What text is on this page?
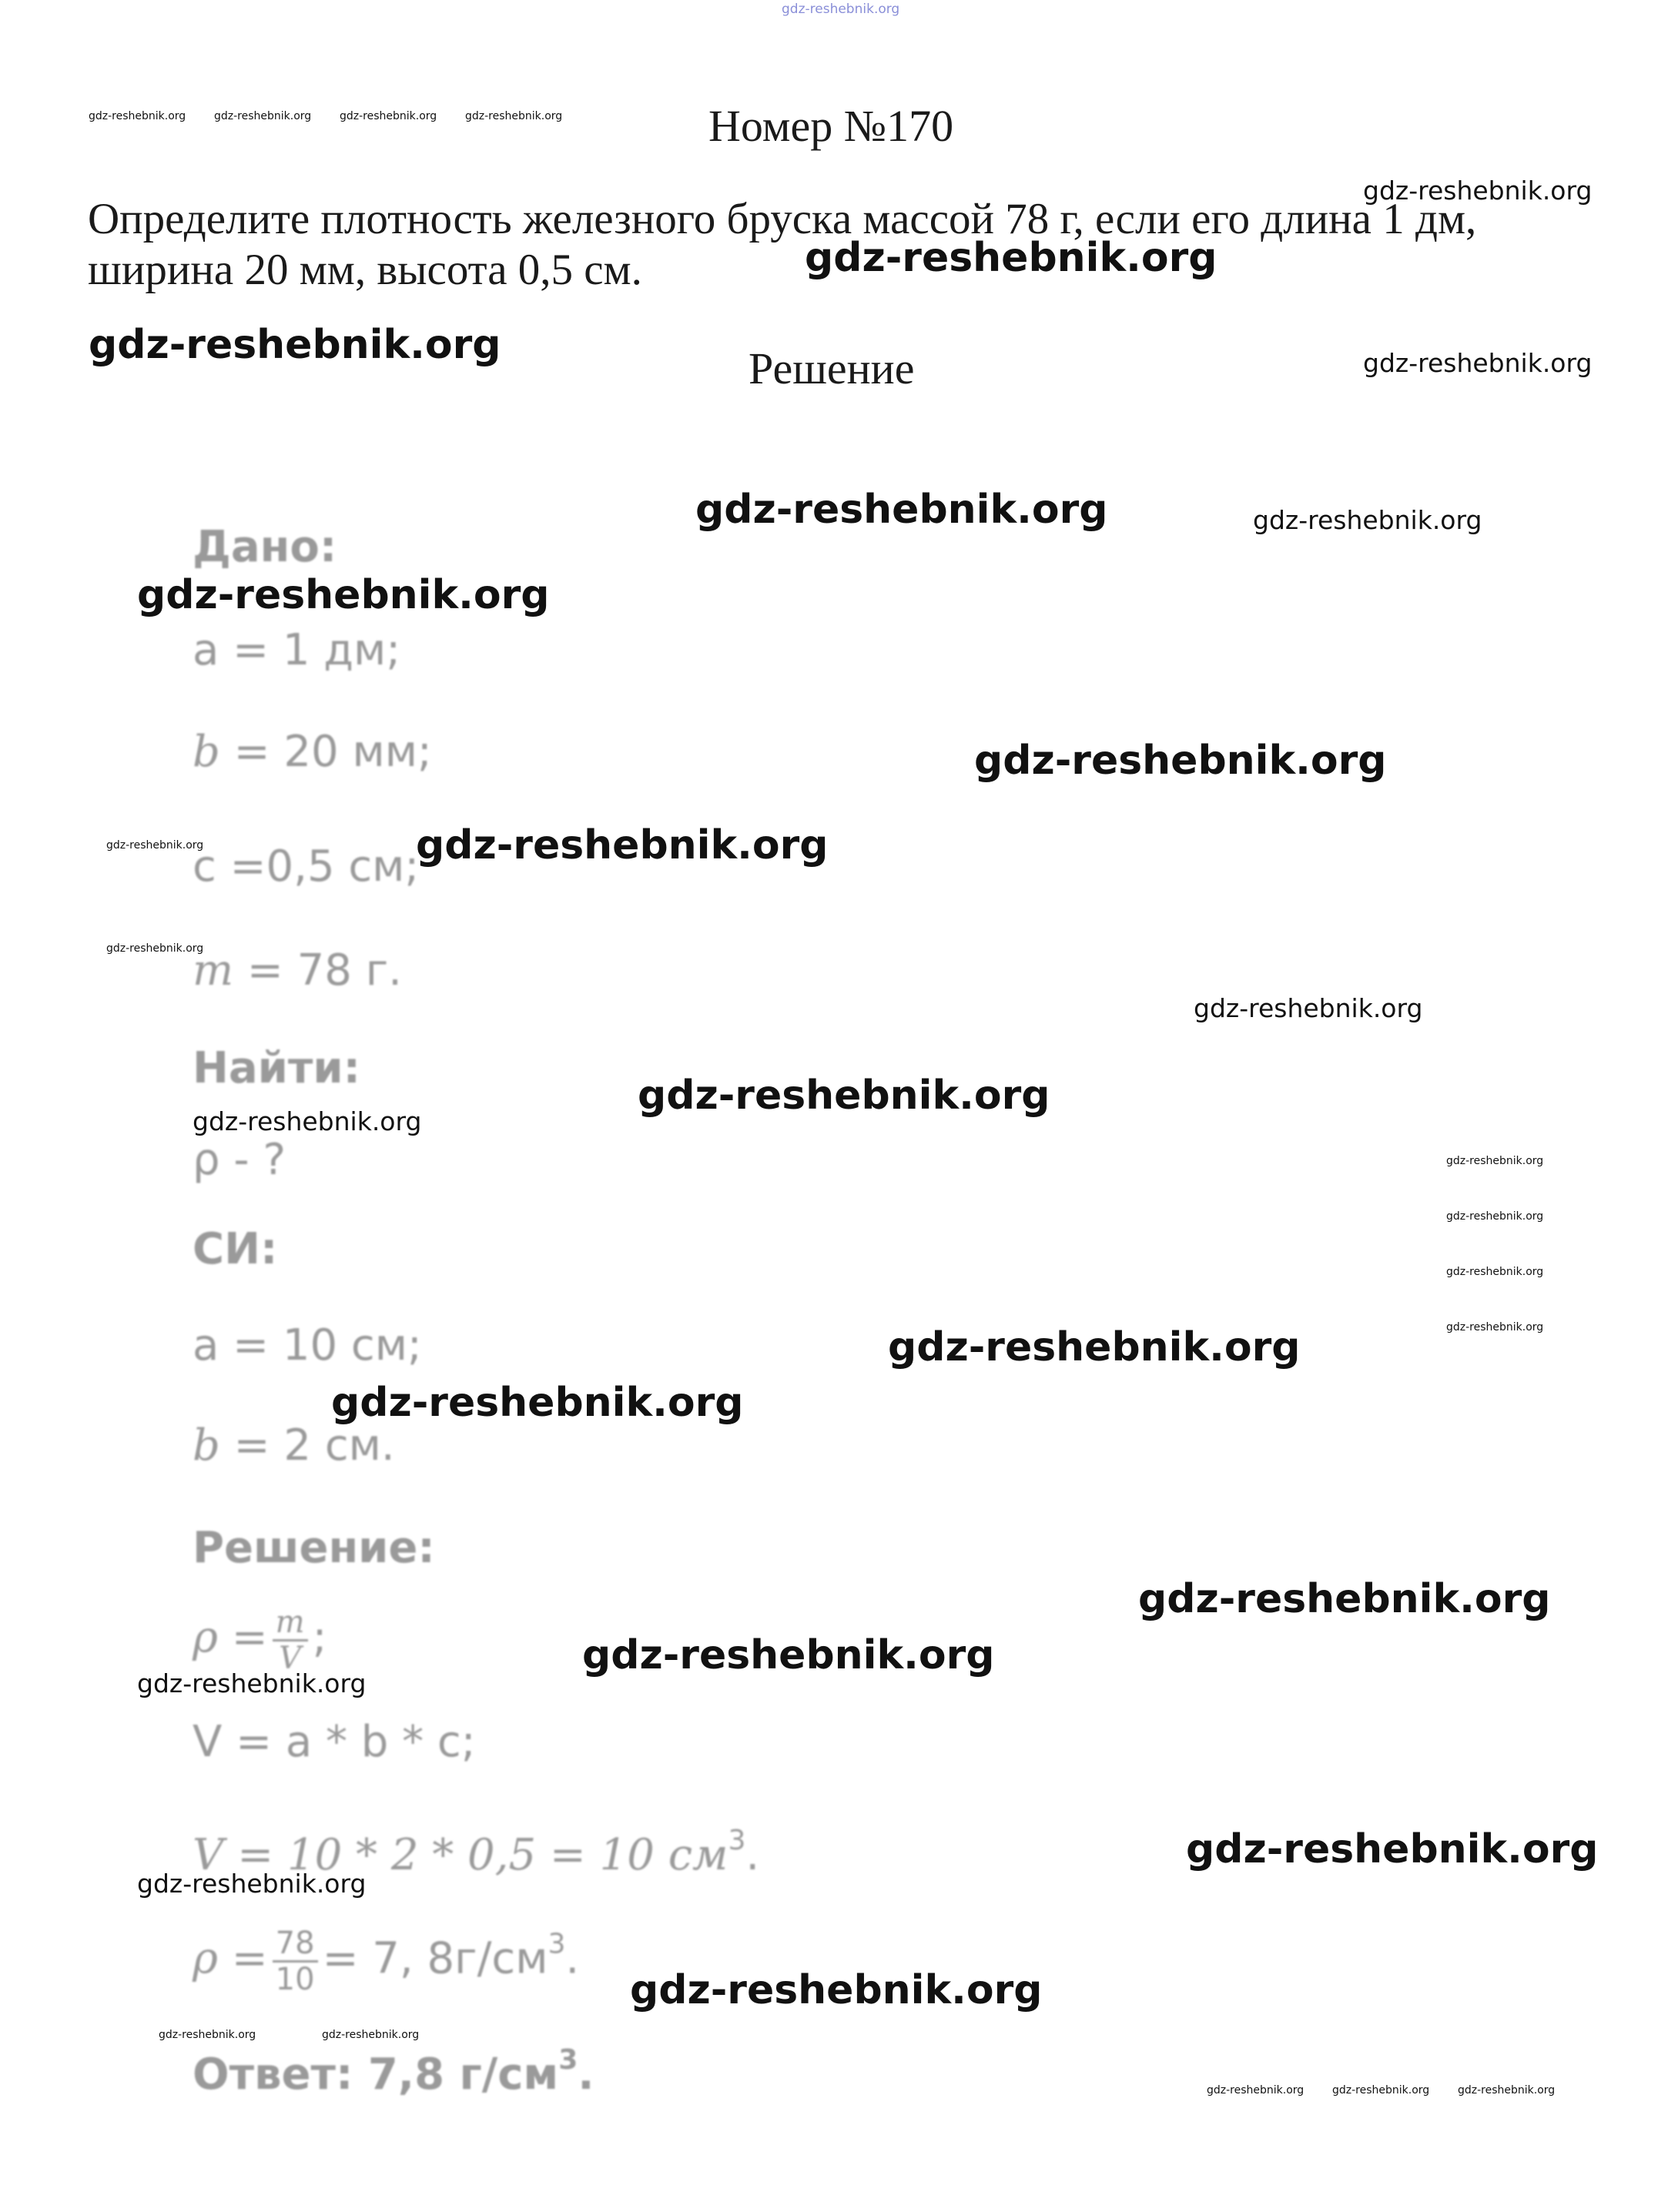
gdz-reshebnik.org
gdz-reshebnik.org	gdz-reshebnik.org	gdz-reshebnik.org	gdz-reshebnik.org	Номер №170
gdz-reshebnik.org
Определите плотность железного бруска массой 78 г, если его длина 1 дм, ширина 20 мм, высота 0,5 см.	gdz-reshebnik.org
gdz-reshebnik.org	Решение	gdz-reshebnik.org
gdz-reshebnik.org	gdz-reshebnik.org
Дано:
gdz-reshebnik.org
a = 1 дм;
b = 20 мм;	gdz-reshebnik.org
gdz-reshebnik.org
c =0,5 см;
gdz-reshebnik.org
gdz-reshebnik.org
m = 78 г.
gdz-reshebnik.org
Найти:
gdz-reshebnik.org
gdz-reshebnik.org
ρ - ?	gdz-reshebnik.org
gdz-reshebnik.org
gdz-reshebnik.org
gdz-reshebnik.org
СИ:
a = 10 см;	gdz-reshebnik.org
gdz-reshebnik.org
b = 2 см.
Решение:
gdz-reshebnik.org
$\rho = \frac{m}{V}$ ;	gdz-reshebnik.org
gdz-reshebnik.org
V = a * b * c;
V = 10 * 2 * 0,5 = 10 $см^3$.	gdz-reshebnik.org
gdz-reshebnik.org
$\rho = \frac{78}{10} = 7$, $8г/см^3$.
gdz-reshebnik.org
gdz-reshebnik.org	gdz-reshebnik.org
Ответ: 7,8 $г/см^3$.	gdz-reshebnik.org	gdz-reshebnik.org	gdz-reshebnik.org
